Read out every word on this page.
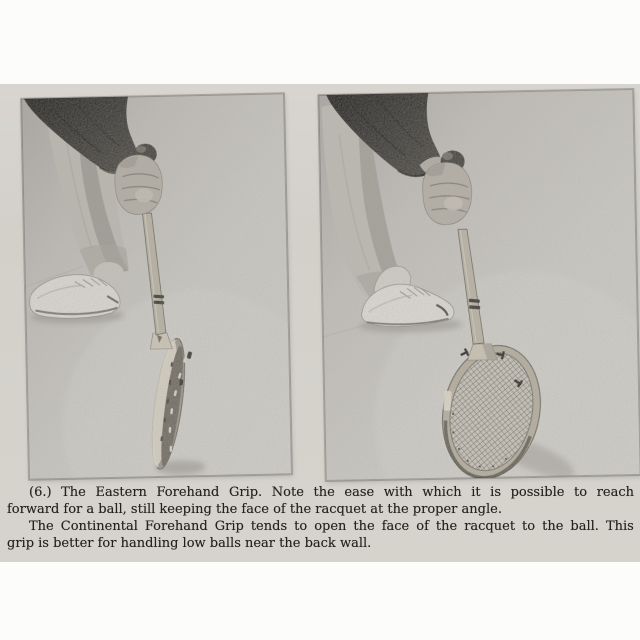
(6.) The Eastern Forehand Grip. Note the ease with which it is possible to reach
forward for a ball, still keeping the face of the racquet at the proper angle.
The Continental Forehand Grip tends to open the face of the racquet to the ball. This
grip is better for handling low balls near the back wall.
